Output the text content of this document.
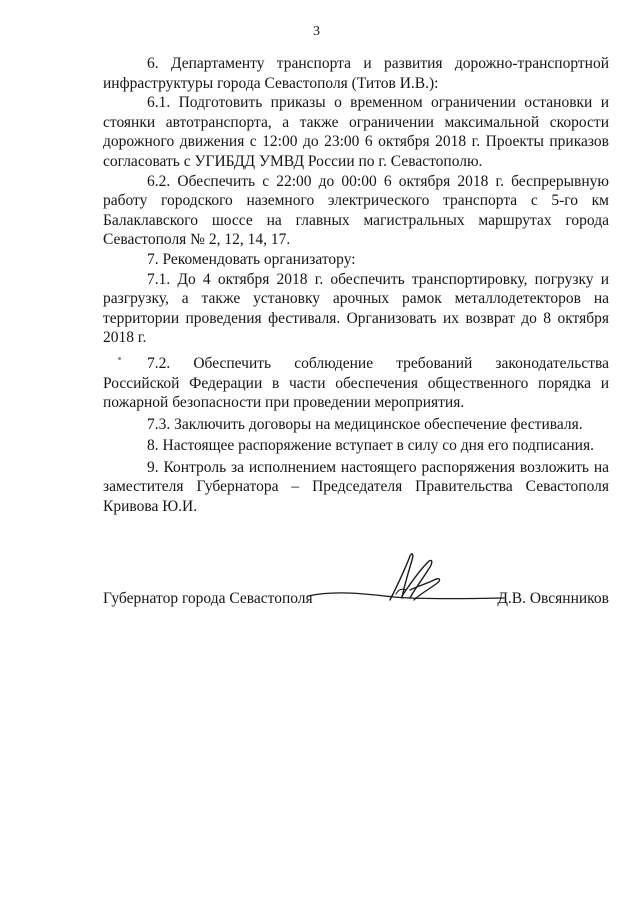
3

6. Департаменту транспорта и развития дорожно-транспортной инфраструктуры города Севастополя (Титов И.В.):

6.1. Подготовить приказы о временном ограничении остановки и стоянки автотранспорта, а также ограничении максимальной скорости дорожного движения с 12:00 до 23:00 6 октября 2018 г. Проекты приказов согласовать с УГИБДД УМВД России по г. Севастополю.

6.2. Обеспечить с 22:00 до 00:00 6 октября 2018 г. беспрерывную работу городского наземного электрического транспорта с 5-го км Балаклавского шоссе на главных магистральных маршрутах города Севастополя № 2, 12, 14, 17.

7. Рекомендовать организатору:

7.1. До 4 октября 2018 г. обеспечить транспортировку, погрузку и разгрузку, а также установку арочных рамок металлодетекторов на территории проведения фестиваля. Организовать их возврат до 8 октября 2018 г.

7.2. Обеспечить соблюдение требований законодательства Российской Федерации в части обеспечения общественного порядка и пожарной безопасности при проведении мероприятия.

7.3. Заключить договоры на медицинское обеспечение фестиваля.

8. Настоящее распоряжение вступает в силу со дня его подписания.

9. Контроль за исполнением настоящего распоряжения возложить на заместителя Губернатора – Председателя Правительства Севастополя Кривова Ю.И.

Губернатор города Севастополя	Д.В. Овсянников
